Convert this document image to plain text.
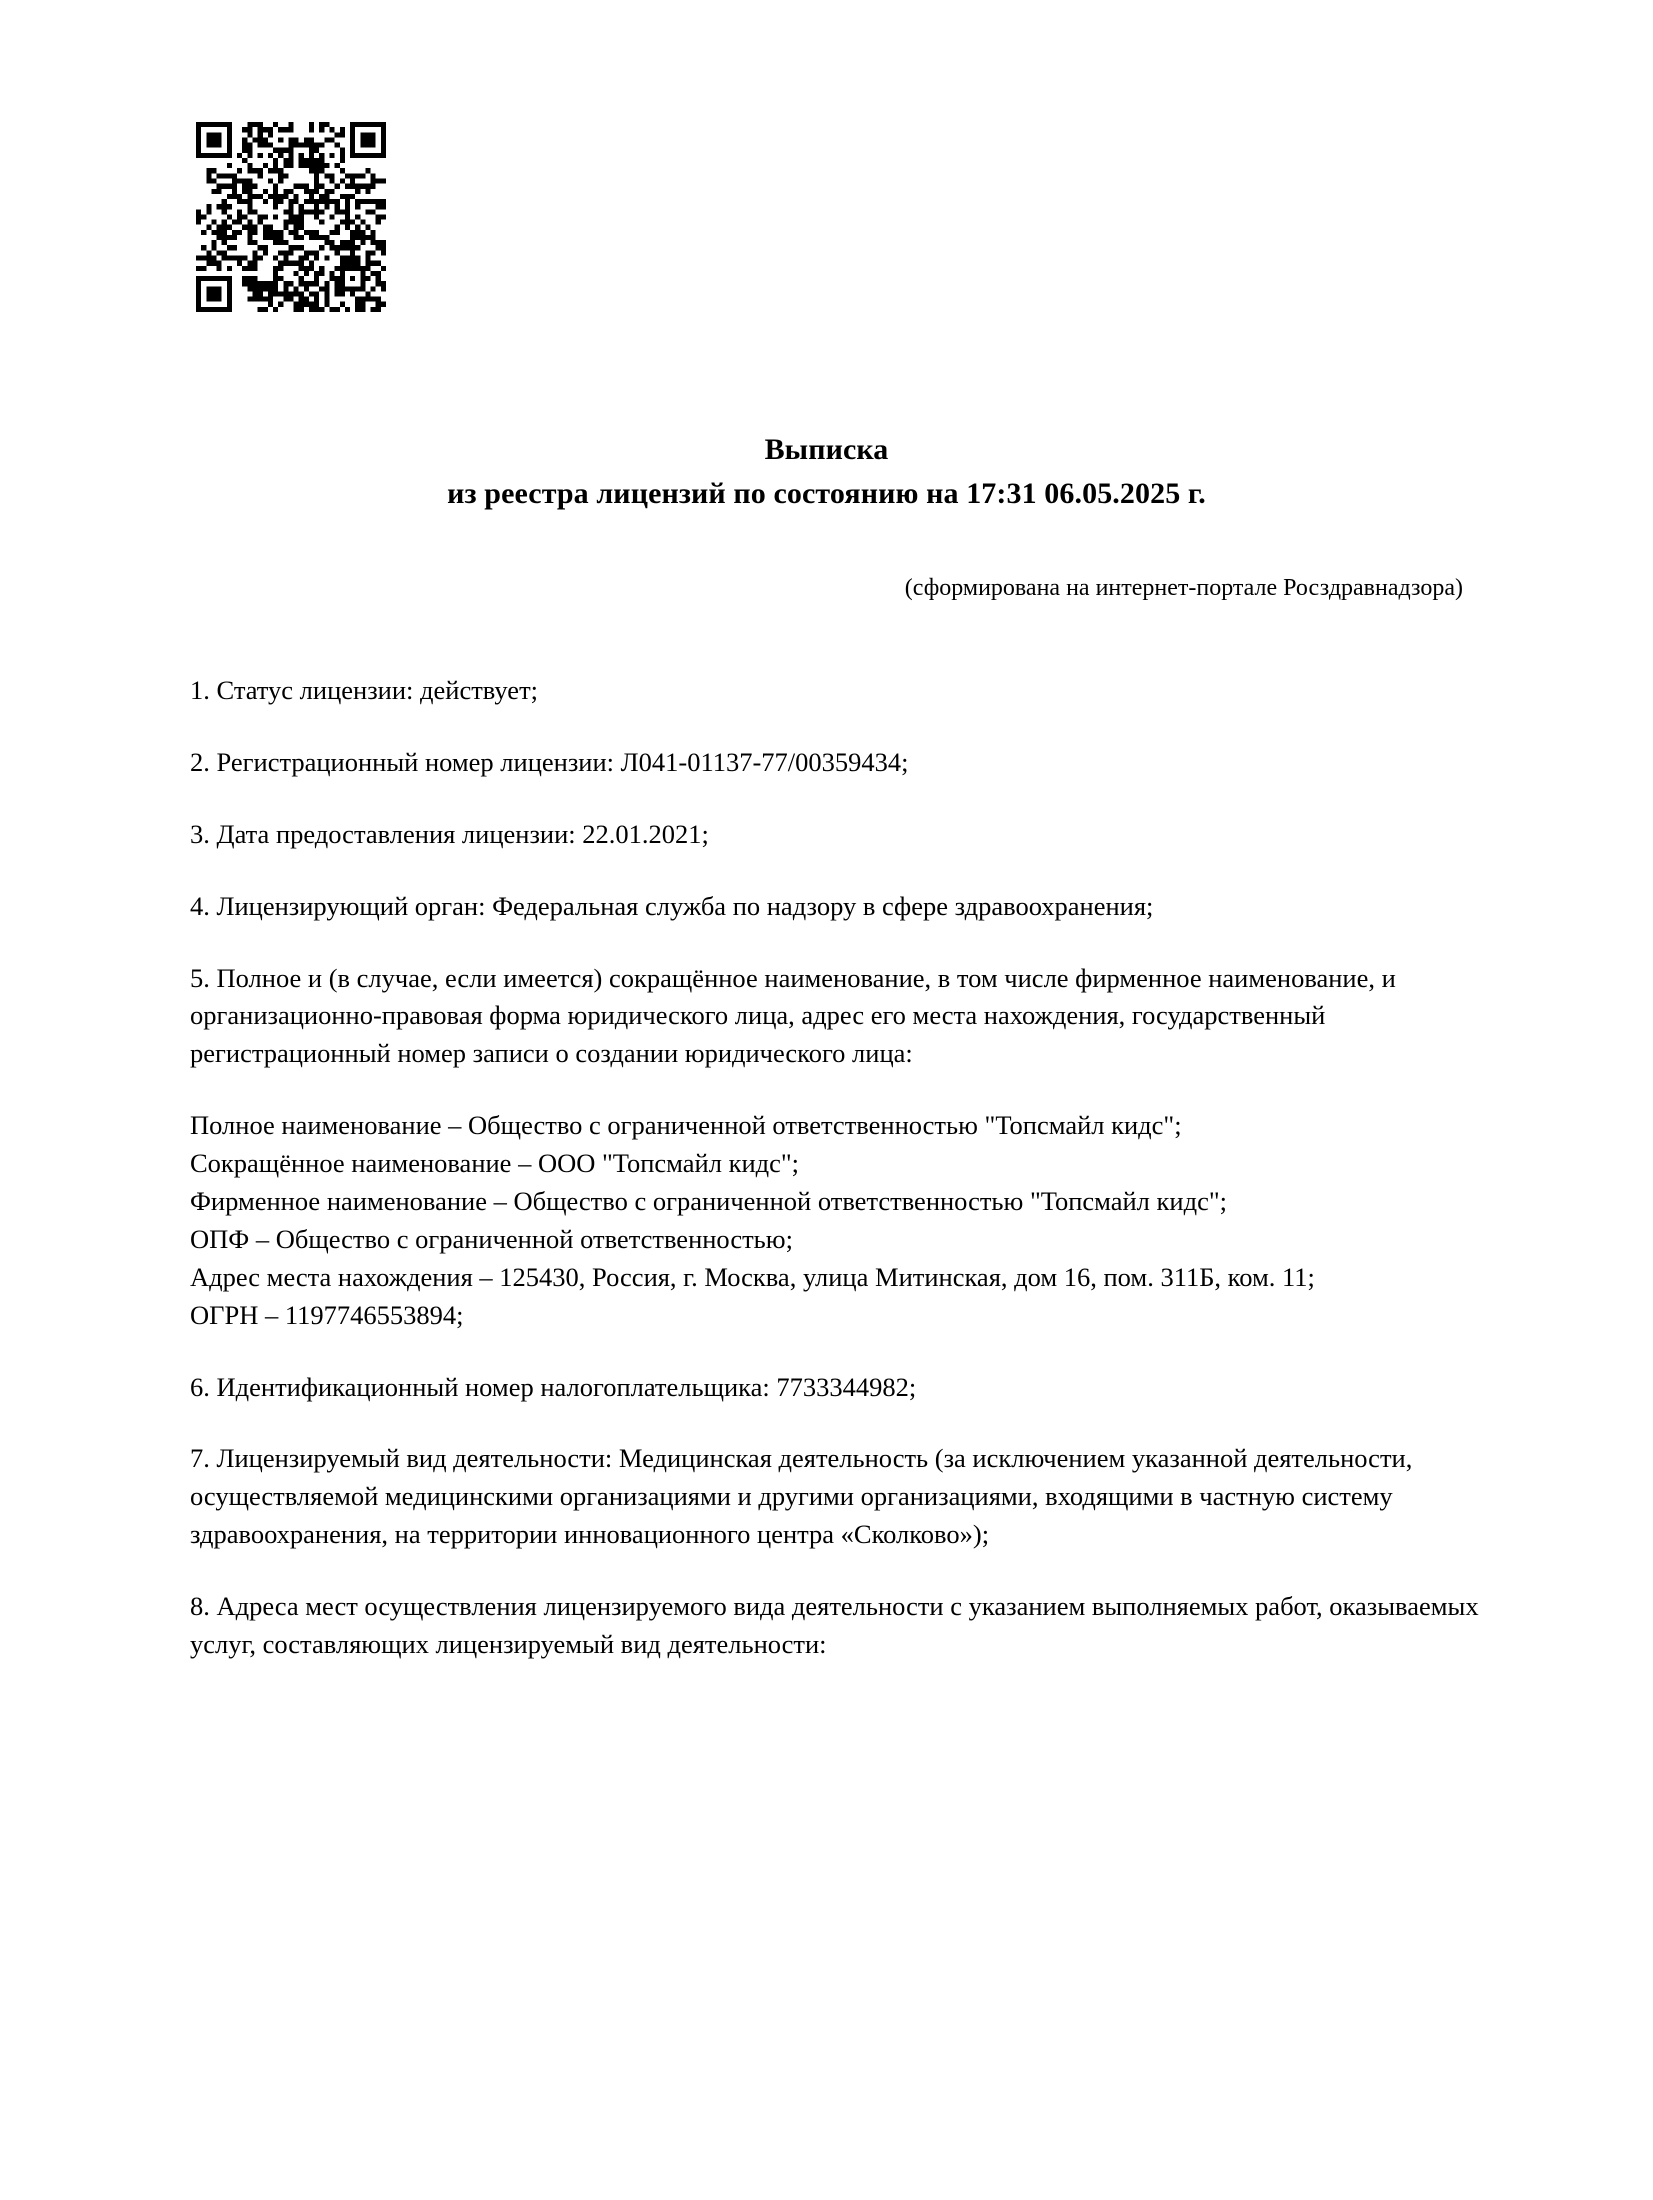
Выписка
из реестра лицензий по состоянию на 17:31 06.05.2025 г.
(сформирована на интернет-портале Росздравнадзора)

1. Статус лицензии: действует;

2. Регистрационный номер лицензии: Л041-01137-77/00359434;

3. Дата предоставления лицензии: 22.01.2021;

4. Лицензирующий орган: Федеральная служба по надзору в сфере здравоохранения;

5. Полное и (в случае, если имеется) сокращённое наименование, в том числе фирменное наименование, и организационно-правовая форма юридического лица, адрес его места нахождения, государственный регистрационный номер записи о создании юридического лица:

Полное наименование – Общество с ограниченной ответственностью "Топсмайл кидс";

Сокращённое наименование – ООО "Топсмайл кидс";

Фирменное наименование – Общество с ограниченной ответственностью "Топсмайл кидс";

ОПФ – Общество с ограниченной ответственностью;

Адрес места нахождения – 125430, Россия, г. Москва, улица Митинская, дом 16, пом. 311Б, ком. 11;

ОГРН – 1197746553894;

6. Идентификационный номер налогоплательщика: 7733344982;

7. Лицензируемый вид деятельности: Медицинская деятельность (за исключением указанной деятельности, осуществляемой медицинскими организациями и другими организациями, входящими в частную систему здравоохранения, на территории инновационного центра «Сколково»);

8. Адреса мест осуществления лицензируемого вида деятельности с указанием выполняемых работ, оказываемых услуг, составляющих лицензируемый вид деятельности:
